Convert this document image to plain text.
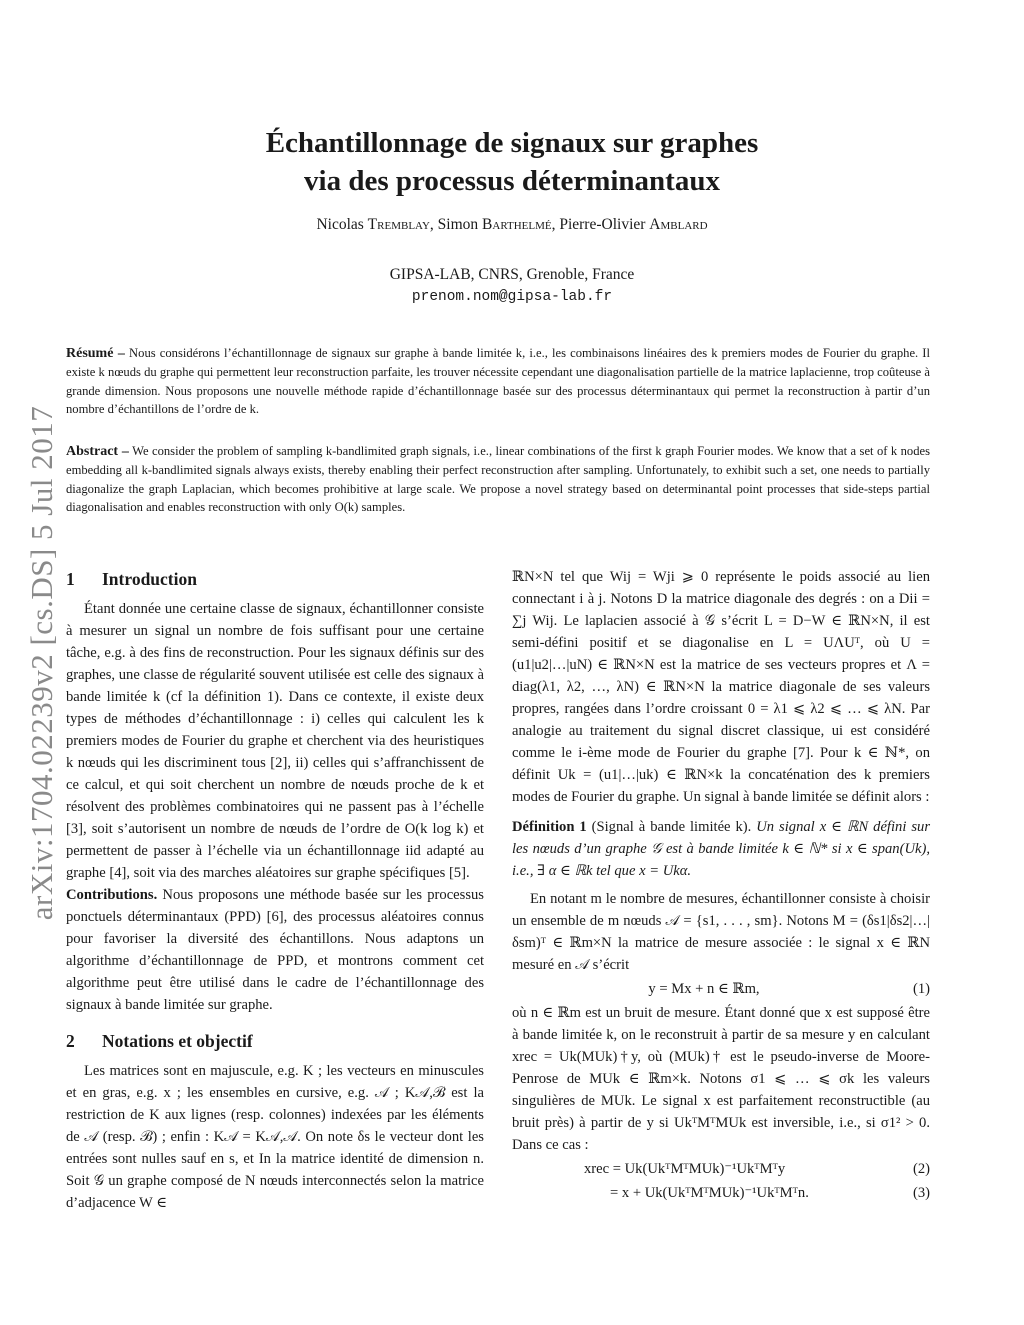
arXiv:1704.02239v2 [cs.DS] 5 Jul 2017
Échantillonnage de signaux sur graphes
via des processus déterminantaux
Nicolas Tremblay, Simon Barthelmé, Pierre-Olivier Amblard
GIPSA-LAB, CNRS, Grenoble, France
prenom.nom@gipsa-lab.fr
Résumé – Nous considérons l’échantillonnage de signaux sur graphe à bande limitée k, i.e., les combinaisons linéaires des k premiers modes de Fourier du graphe. Il existe k nœuds du graphe qui permettent leur reconstruction parfaite, les trouver nécessite cependant une diagonalisation partielle de la matrice laplacienne, trop coûteuse à grande dimension. Nous proposons une nouvelle méthode rapide d’échantillonnage basée sur des processus déterminantaux qui permet la reconstruction à partir d’un nombre d’échantillons de l’ordre de k.
Abstract – We consider the problem of sampling k-bandlimited graph signals, i.e., linear combinations of the first k graph Fourier modes. We know that a set of k nodes embedding all k-bandlimited signals always exists, thereby enabling their perfect reconstruction after sampling. Unfortunately, to exhibit such a set, one needs to partially diagonalize the graph Laplacian, which becomes prohibitive at large scale. We propose a novel strategy based on determinantal point processes that side-steps partial diagonalisation and enables reconstruction with only O(k) samples.
1 Introduction

Étant donnée une certaine classe de signaux, échantillonner consiste à mesurer un signal un nombre de fois suffisant pour une certaine tâche, e.g. à des fins de reconstruction. Pour les signaux définis sur des graphes, une classe de régularité souvent utilisée est celle des signaux à bande limitée k (cf la définition 1). Dans ce contexte, il existe deux types de méthodes d’échantillonnage : i) celles qui calculent les k premiers modes de Fourier du graphe et cherchent via des heuristiques k nœuds qui les discriminent tous [2], ii) celles qui s’affranchissent de ce calcul, et qui soit cherchent un nombre de nœuds proche de k et résolvent des problèmes combinatoires qui ne passent pas à l’échelle [3], soit s’autorisent un nombre de nœuds de l’ordre de O(k log k) et permettent de passer à l’échelle via un échantillonnage iid adapté au graphe [4], soit via des marches aléatoires sur graphe spécifiques [5].

Contributions. Nous proposons une méthode basée sur les processus ponctuels déterminantaux (PPD) [6], des processus aléatoires connus pour favoriser la diversité des échantillons. Nous adaptons un algorithme d’échantillonnage de PPD, et montrons comment cet algorithme peut être utilisé dans le cadre de l’échantillonnage des signaux à bande limitée sur graphe.

2 Notations et objectif

Les matrices sont en majuscule, e.g. K ; les vecteurs en minuscules et en gras, e.g. x ; les ensembles en cursive, e.g. 𝒜 ; K𝒜,ℬ est la restriction de K aux lignes (resp. colonnes) indexées par les éléments de 𝒜 (resp. ℬ) ; enfin : K𝒜 = K𝒜,𝒜. On note δs le vecteur dont les entrées sont nulles sauf en s, et In la matrice identité de dimension n. Soit 𝒢 un graphe composé de N nœuds interconnectés selon la matrice d’adjacence W ∈

ℝN×N tel que Wij = Wji ⩾ 0 représente le poids associé au lien connectant i à j. Notons D la matrice diagonale des degrés : on a Dii = ∑j Wij. Le laplacien associé à 𝒢 s’écrit L = D−W ∈ ℝN×N, il est semi-défini positif et se diagonalise en L = UΛUᵀ, où U = (u1|u2|…|uN) ∈ ℝN×N est la matrice de ses vecteurs propres et Λ = diag(λ1, λ2, …, λN) ∈ ℝN×N la matrice diagonale de ses valeurs propres, rangées dans l’ordre croissant 0 = λ1 ⩽ λ2 ⩽ … ⩽ λN. Par analogie au traitement du signal discret classique, ui est considéré comme le i-ème mode de Fourier du graphe [7]. Pour k ∈ ℕ*, on définit Uk = (u1|…|uk) ∈ ℝN×k la concaténation des k premiers modes de Fourier du graphe. Un signal à bande limitée se définit alors :

Définition 1 (Signal à bande limitée k). Un signal x ∈ ℝN défini sur les nœuds d’un graphe 𝒢 est à bande limitée k ∈ ℕ* si x ∈ span(Uk), i.e., ∃ α ∈ ℝk tel que x = Ukα.

En notant m le nombre de mesures, échantillonner consiste à choisir un ensemble de m nœuds 𝒜 = {s1, . . . , sm}. Notons M = (δs1|δs2|…|δsm)ᵀ ∈ ℝm×N la matrice de mesure associée : le signal x ∈ ℝN mesuré en 𝒜 s’écrit

y = Mx + n ∈ ℝm,	(1)

où n ∈ ℝm est un bruit de mesure. Étant donné que x est supposé être à bande limitée k, on le reconstruit à partir de sa mesure y en calculant xrec = Uk(MUk)†y, où (MUk)† est le pseudo-inverse de Moore-Penrose de MUk ∈ ℝm×k. Notons σ1 ⩽ … ⩽ σk les valeurs singulières de MUk. Le signal x est parfaitement reconstructible (au bruit près) à partir de y si UkᵀMᵀMUk est inversible, i.e., si σ1² > 0. Dans ce cas :

xrec = Uk(UkᵀMᵀMUk)⁻¹UkᵀMᵀy	(2)
= x + Uk(UkᵀMᵀMUk)⁻¹UkᵀMᵀn.	(3)
